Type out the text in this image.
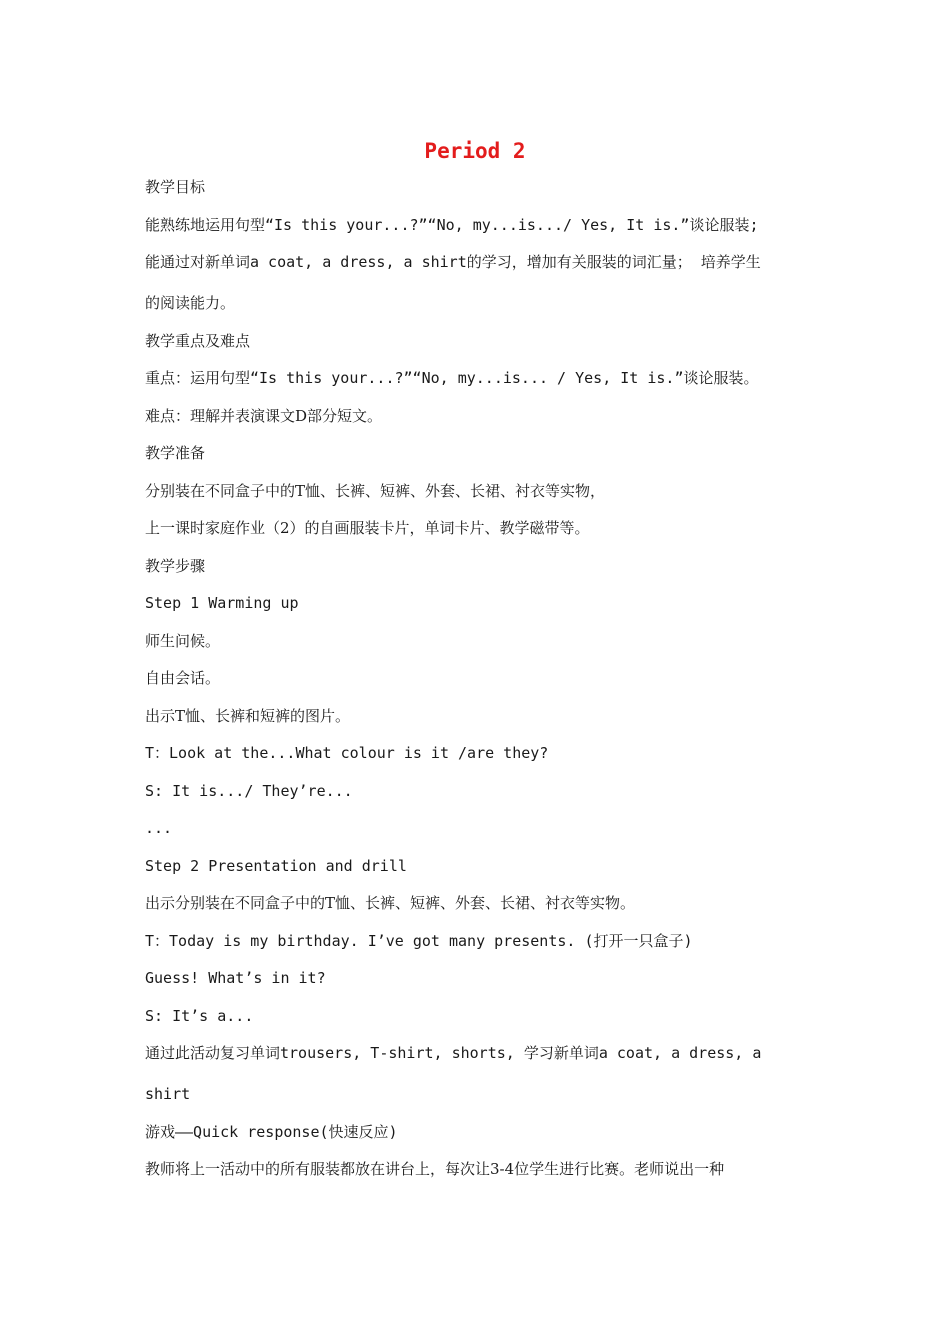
Period 2

教学目标

能熟练地运用句型“Is this your...?”“No, my...is.../ Yes, It is.”谈论服装;

能通过对新单词a coat, a dress, a shirt的学习，增加有关服装的词汇量； 培养学生

的阅读能力。

教学重点及难点

重点：运用句型“Is this your...?”“No, my...is... / Yes, It is.”谈论服装。

难点：理解并表演课文D部分短文。

教学准备

分别装在不同盒子中的T恤、长裤、短裤、外套、长裙、衬衣等实物，

上一课时家庭作业（2）的自画服装卡片，单词卡片、教学磁带等。

教学步骤

Step 1 Warming up

师生问候。

自由会话。

出示T恤、长裤和短裤的图片。

T：Look at the...What colour is it /are they?

S: It is.../ They’re...

...

Step 2 Presentation and drill

出示分别装在不同盒子中的T恤、长裤、短裤、外套、长裙、衬衣等实物。

T：Today is my birthday. I’ve got many presents. (打开一只盒子)

Guess! What’s in it?

S: It’s a...

通过此活动复习单词trousers, T-shirt, shorts, 学习新单词a coat, a dress, a

shirt

游戏——Quick response(快速反应)

教师将上一活动中的所有服装都放在讲台上，每次让3-4位学生进行比赛。老师说出一种
